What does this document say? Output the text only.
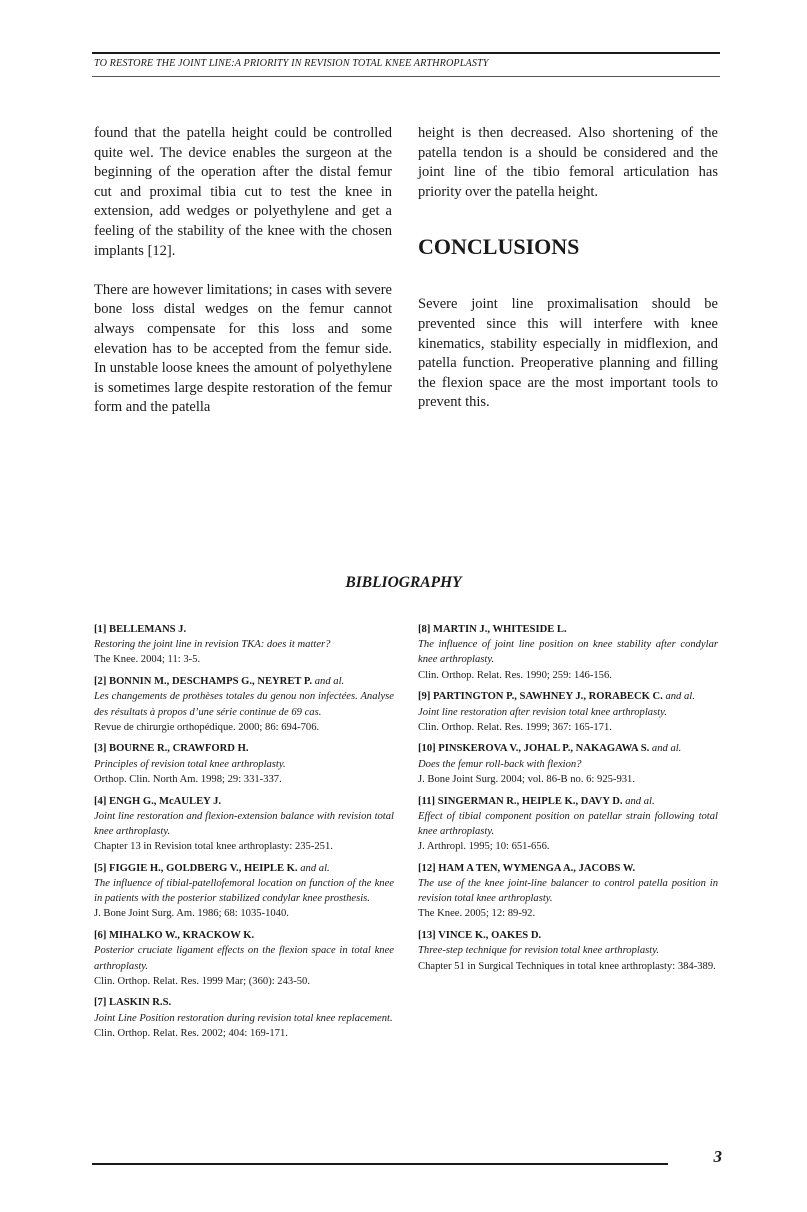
TO RESTORE THE JOINT LINE:A PRIORITY IN REVISION TOTAL KNEE ARTHROPLASTY

found that the patella height could be controlled quite wel. The device enables the surgeon at the beginning of the operation after the distal femur cut and proximal tibia cut to test the knee in extension, add wedges or polyethylene and get a feeling of the stability of the knee with the chosen implants [12].

There are however limitations; in cases with severe bone loss distal wedges on the femur cannot always compensate for this loss and some elevation has to be accepted from the femur side. In unstable loose knees the amount of polyethylene is sometimes large despite restoration of the femur form and the patella

height is then decreased. Also shortening of the patella tendon is a should be considered and the joint line of the tibio femoral articulation has priority over the patella height.

CONCLUSIONS

Severe joint line proximalisation should be prevented since this will interfere with knee kinematics, stability especially in midflexion, and patella function. Preoperative planning and filling the flexion space are the most important tools to prevent this.

BIBLIOGRAPHY
[1] BELLEMANS J.
Restoring the joint line in revision TKA: does it matter?
The Knee. 2004; 11: 3-5.
[2] BONNIN M., DESCHAMPS G., NEYRET P. and al.
Les changements de prothèses totales du genou non infectées. Analyse des résultats à propos d’une série continue de 69 cas.
Revue de chirurgie orthopédique. 2000; 86: 694-706.
[3] BOURNE R., CRAWFORD H.
Principles of revision total knee arthroplasty.
Orthop. Clin. North Am. 1998; 29: 331-337.
[4] ENGH G., McAULEY J.
Joint line restoration and flexion-extension balance with revision total knee arthroplasty.
Chapter 13 in Revision total knee arthroplasty: 235-251.
[5] FIGGIE H., GOLDBERG V., HEIPLE K. and al.
The influence of tibial-patellofemoral location on function of the knee in patients with the posterior stabilized condylar knee prosthesis.
J. Bone Joint Surg. Am. 1986; 68: 1035-1040.
[6] MIHALKO W., KRACKOW K.
Posterior cruciate ligament effects on the flexion space in total knee arthroplasty.
Clin. Orthop. Relat. Res. 1999 Mar; (360): 243-50.
[7] LASKIN R.S.
Joint Line Position restoration during revision total knee replacement.
Clin. Orthop. Relat. Res. 2002; 404: 169-171.
[8] MARTIN J., WHITESIDE L.
The influence of joint line position on knee stability after condylar knee arthroplasty.
Clin. Orthop. Relat. Res. 1990; 259: 146-156.
[9] PARTINGTON P., SAWHNEY J., RORABECK C. and al.
Joint line restoration after revision total knee arthroplasty.
Clin. Orthop. Relat. Res. 1999; 367: 165-171.
[10] PINSKEROVA V., JOHAL P., NAKAGAWA S. and al.
Does the femur roll-back with flexion?
J. Bone Joint Surg. 2004; vol. 86-B no. 6: 925-931.
[11] SINGERMAN R., HEIPLE K., DAVY D. and al.
Effect of tibial component position on patellar strain following total knee arthroplasty.
J. Arthropl. 1995; 10: 651-656.
[12] HAM A TEN, WYMENGA A., JACOBS W.
The use of the knee joint-line balancer to control patella position in revision total knee arthroplasty.
The Knee. 2005; 12: 89-92.
[13] VINCE K., OAKES D.
Three-step technique for revision total knee arthroplasty.
Chapter 51 in Surgical Techniques in total knee arthroplasty: 384-389.
3
